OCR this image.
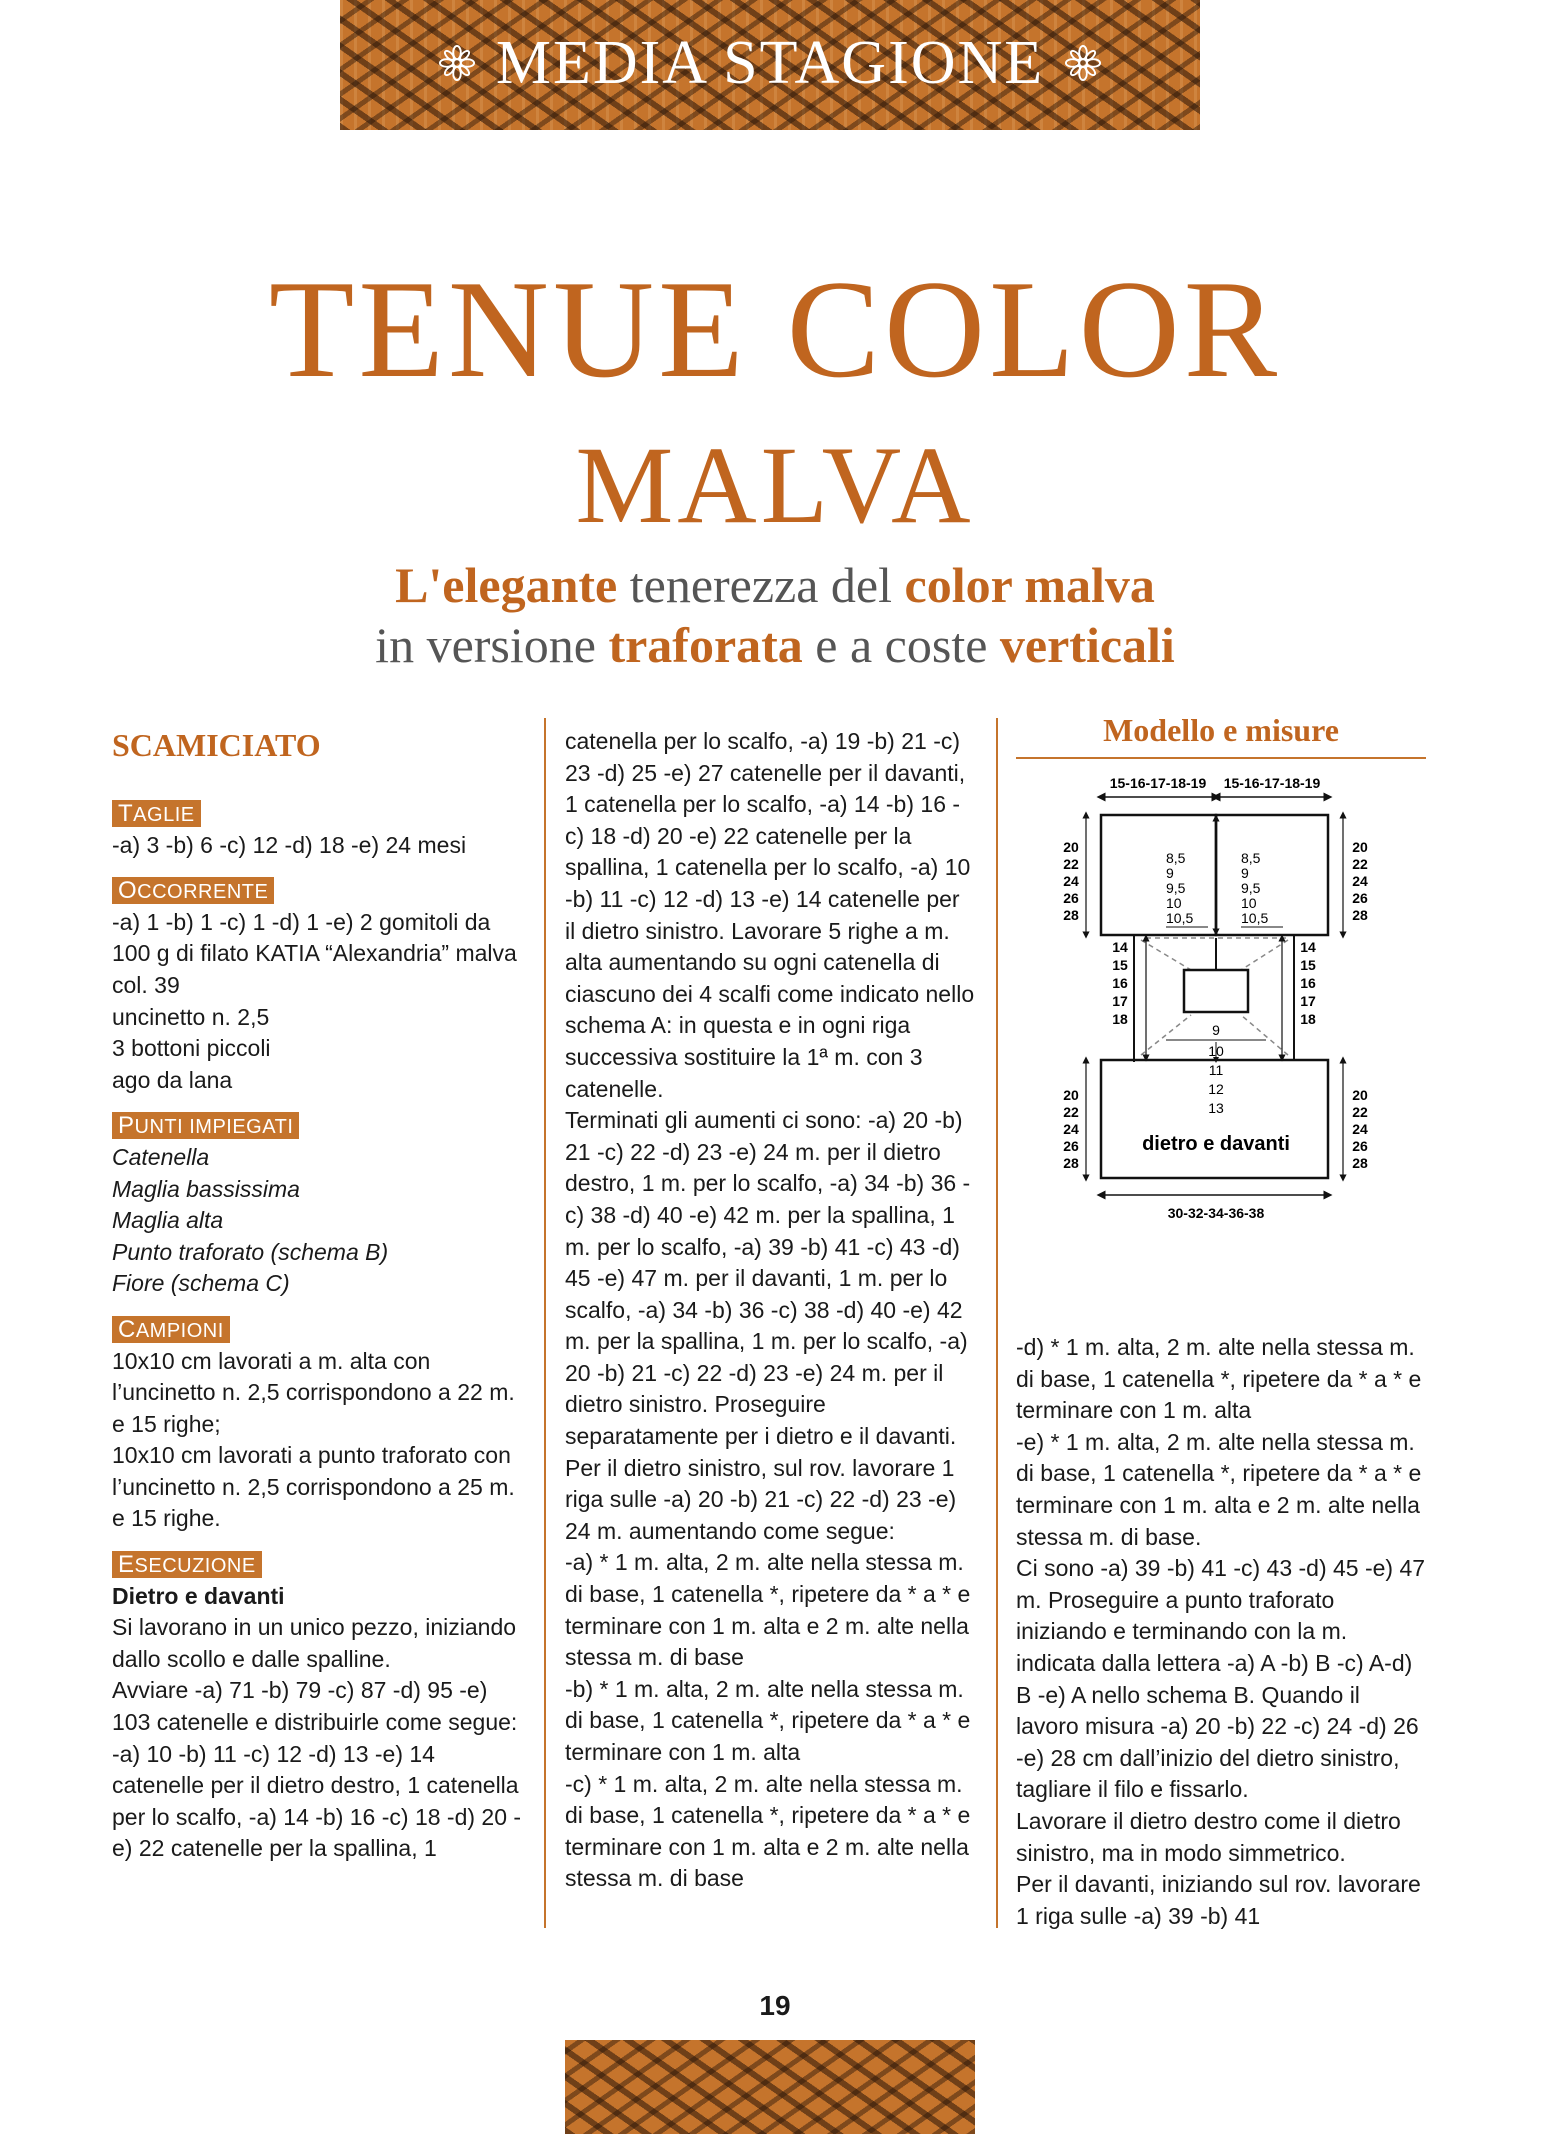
MEDIA STAGIONE
TENUE COLOR
MALVA
L'elegante tenerezza del color malva
in versione traforata e a coste verticali
SCAMICIATO
TAGLIE
-a) 3 -b) 6 -c) 12 -d) 18 -e) 24 mesi
OCCORRENTE
-a) 1 -b) 1 -c) 1 -d) 1 -e) 2 gomitoli da 100 g di filato KATIA “Alexandria” malva col. 39
uncinetto n. 2,5
3 bottoni piccoli
ago da lana
PUNTI IMPIEGATI
Catenella
Maglia bassissima
Maglia alta
Punto traforato (schema B)
Fiore (schema C)
CAMPIONI
10x10 cm lavorati a m. alta con l’uncinetto n. 2,5 corrispondono a 22 m. e 15 righe;
10x10 cm lavorati a punto traforato con l’uncinetto n. 2,5 corrispondono a 25 m. e 15 righe.
ESECUZIONE
Dietro e davanti
Si lavorano in un unico pezzo, iniziando dallo scollo e dalle spalline.
Avviare -a) 71 -b) 79 -c) 87 -d) 95 -e) 103 catenelle e distribuirle come segue: -a) 10 -b) 11 -c) 12 -d) 13 -e) 14 catenelle per il dietro destro, 1 catenella per lo scalfo, -a) 14 -b) 16 -c) 18 -d) 20 -e) 22 catenelle per la spallina, 1
catenella per lo scalfo, -a) 19 -b) 21 -c) 23 -d) 25 -e) 27 catenelle per il davanti, 1 catenella per lo scalfo, -a) 14 -b) 16 -c) 18 -d) 20 -e) 22 catenelle per la spallina, 1 catenella per lo scalfo, -a) 10 -b) 11 -c) 12 -d) 13 -e) 14 catenelle per il dietro sinistro. Lavorare 5 righe a m. alta aumentando su ogni catenella di ciascuno dei 4 scalfi come indicato nello schema A: in questa e in ogni riga successiva sostituire la 1ª m. con 3 catenelle.
Terminati gli aumenti ci sono: -a) 20 -b) 21 -c) 22 -d) 23 -e) 24 m. per il dietro destro, 1 m. per lo scalfo, -a) 34 -b) 36 -c) 38 -d) 40 -e) 42 m. per la spallina, 1 m. per lo scalfo, -a) 39 -b) 41 -c) 43 -d) 45 -e) 47 m. per il davanti, 1 m. per lo scalfo, -a) 34 -b) 36 -c) 38 -d) 40 -e) 42 m. per la spallina, 1 m. per lo scalfo, -a) 20 -b) 21 -c) 22 -d) 23 -e) 24 m. per il dietro sinistro. Proseguire separatamente per i dietro e il davanti. Per il dietro sinistro, sul rov. lavorare 1 riga sulle -a) 20 -b) 21 -c) 22 -d) 23 -e) 24 m. aumentando come segue:
-a) * 1 m. alta, 2 m. alte nella stessa m. di base, 1 catenella *, ripetere da * a * e terminare con 1 m. alta e 2 m. alte nella stessa m. di base
-b) * 1 m. alta, 2 m. alte nella stessa m. di base, 1 catenella *, ripetere da * a * e terminare con 1 m. alta
-c) * 1 m. alta, 2 m. alte nella stessa m. di base, 1 catenella *, ripetere da * a * e terminare con 1 m. alta e 2 m. alte nella stessa m. di base
Modello e misure
15-16-17-18-19 15-16-17-18-19
20
22
24
26
28
20
22
24
26
28
8,5
9
9,5
10
10,5
8,5
9
9,5
10
10,5
14
15
16
17
18
14
15
16
17
18
9
10
11
12
13
dietro e davanti
20
22
24
26
28
20
22
24
26
28
30-32-34-36-38
-d) * 1 m. alta, 2 m. alte nella stessa m. di base, 1 catenella *, ripetere da * a * e terminare con 1 m. alta
-e) * 1 m. alta, 2 m. alte nella stessa m. di base, 1 catenella *, ripetere da * a * e terminare con 1 m. alta e 2 m. alte nella stessa m. di base.
Ci sono -a) 39 -b) 41 -c) 43 -d) 45 -e) 47 m. Proseguire a punto traforato iniziando e terminando con la m. indicata dalla lettera -a) A -b) B -c) A-d) B -e) A nello schema B. Quando il lavoro misura -a) 20 -b) 22 -c) 24 -d) 26 -e) 28 cm dall’inizio del dietro sinistro, tagliare il filo e fissarlo.
Lavorare il dietro destro come il dietro sinistro, ma in modo simmetrico.
Per il davanti, iniziando sul rov. lavorare 1 riga sulle -a) 39 -b) 41
19
